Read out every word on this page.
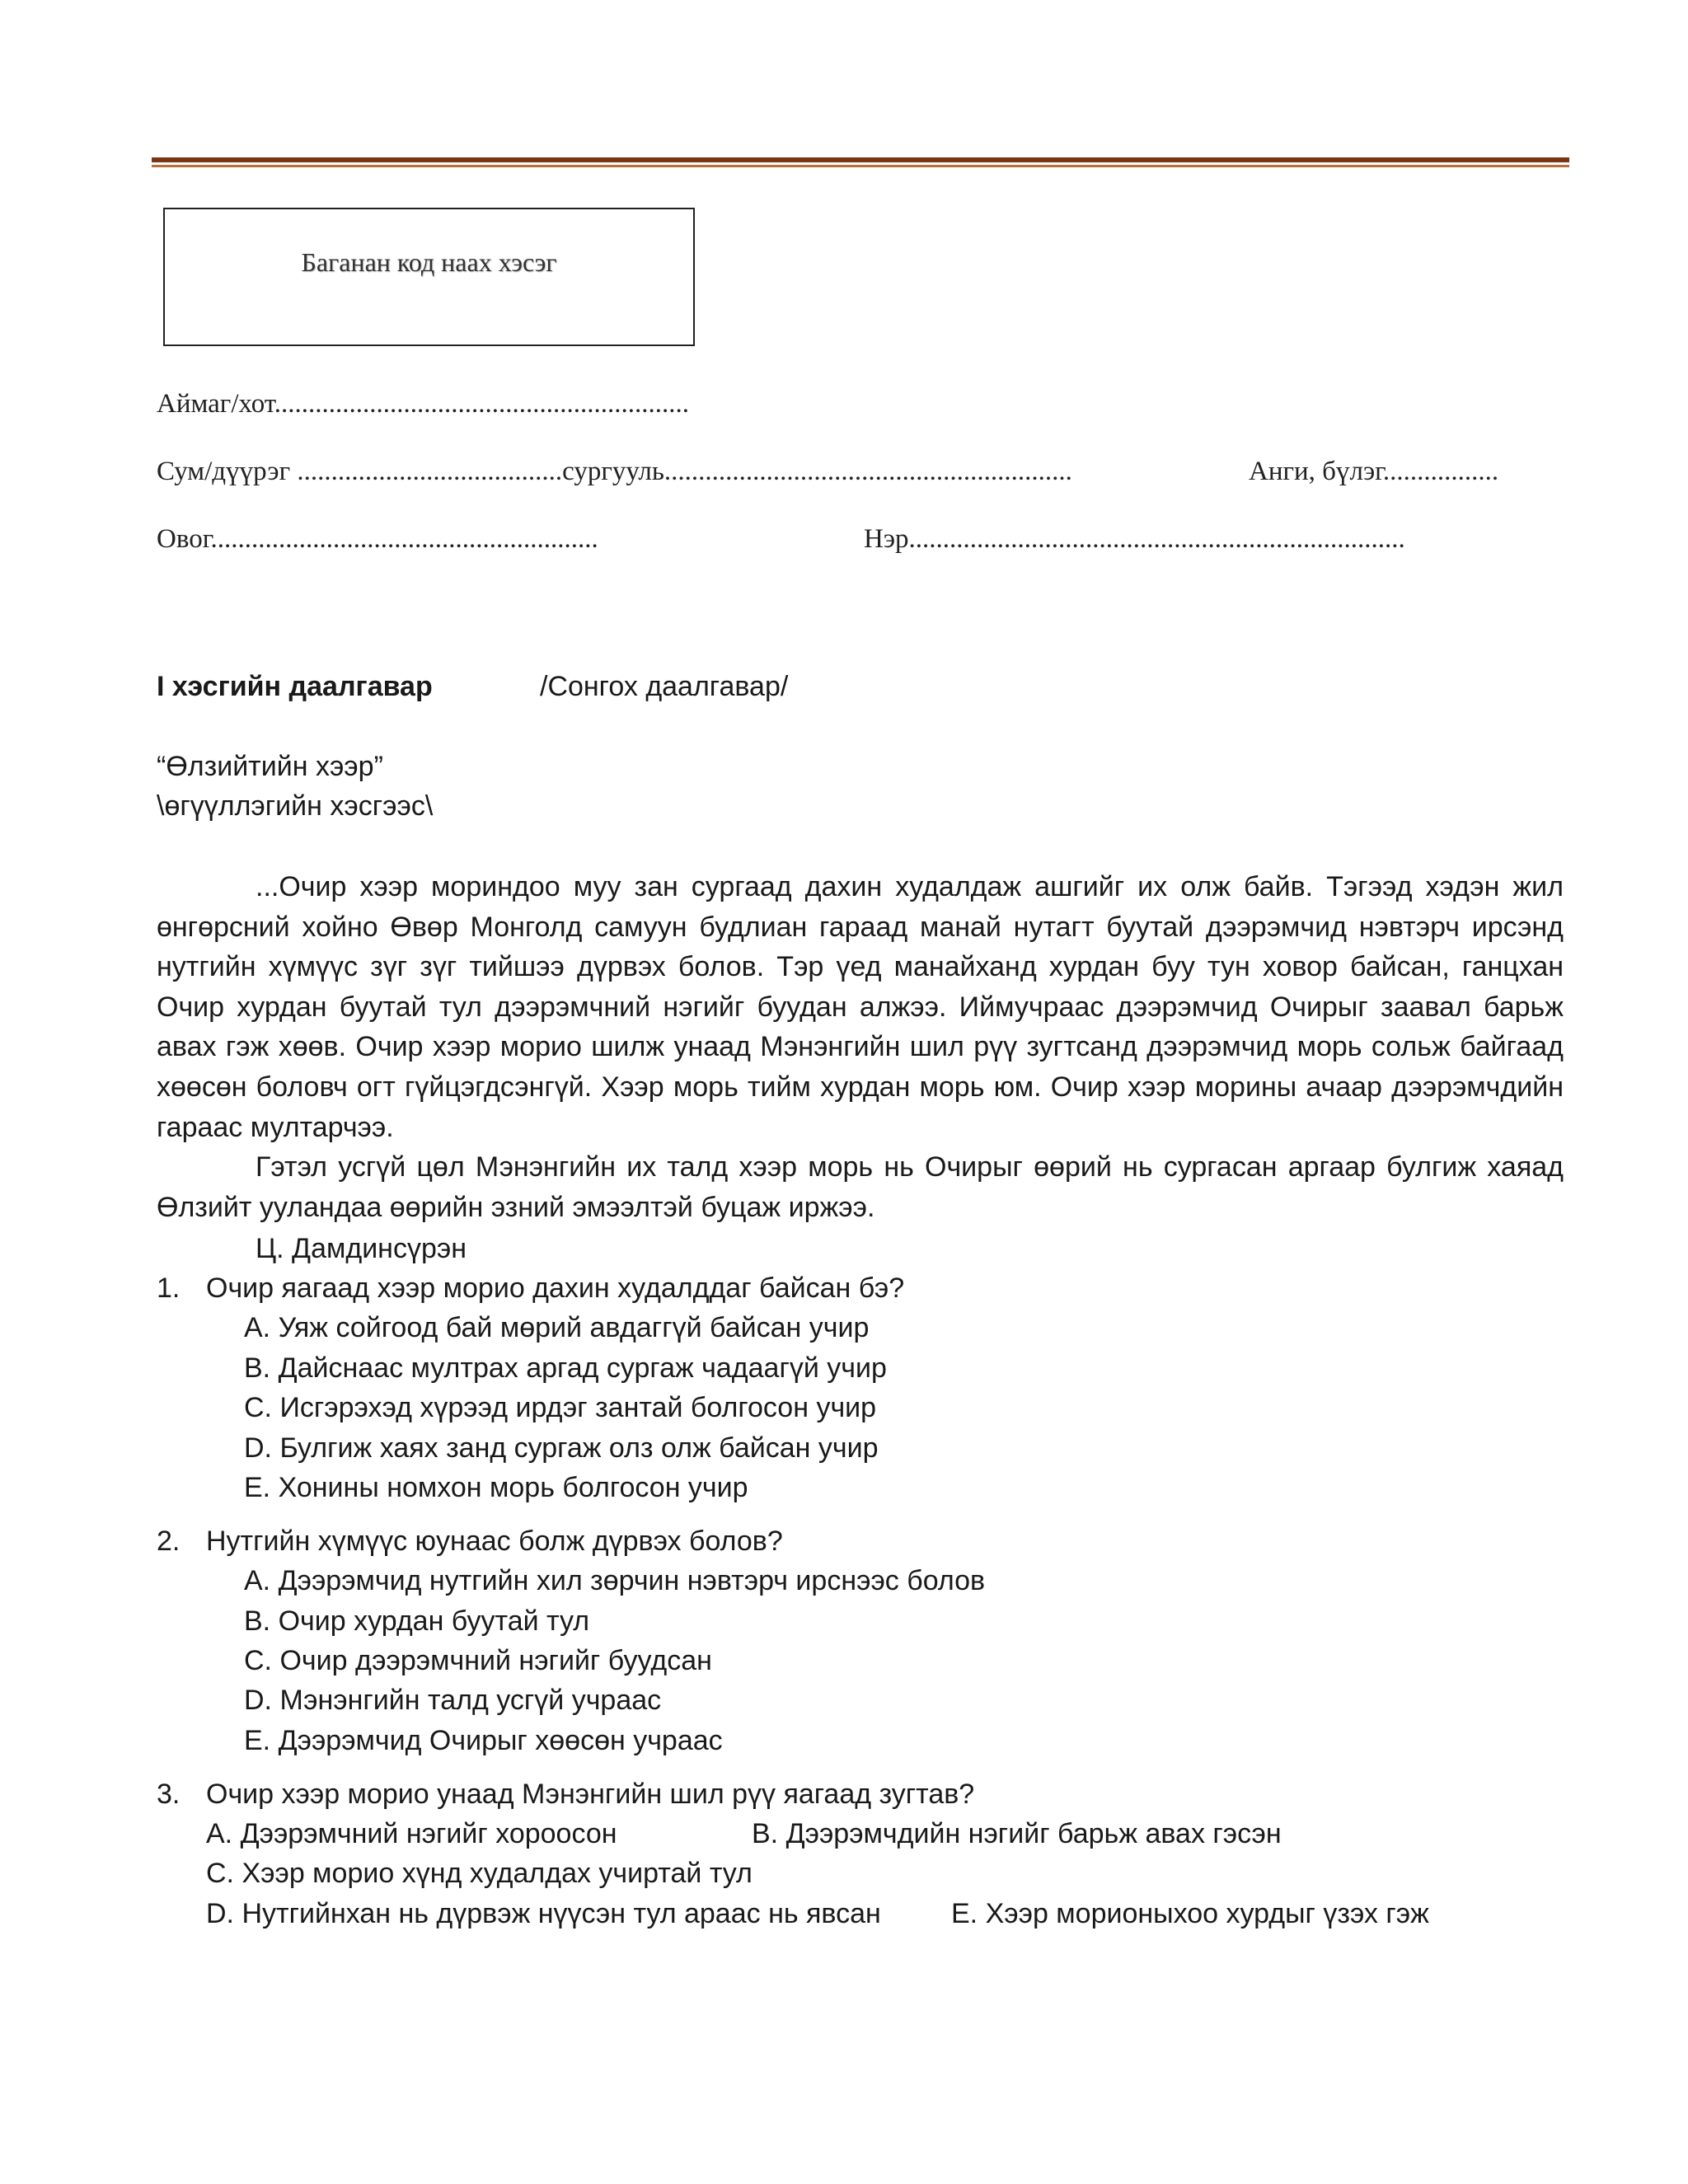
Баганан код наах хэсэг
Аймаг/хот.............................................................
Сум/дүүрэг .......................................сургууль............................................................	Анги, бүлэг.................
Овог.........................................................	Нэр.........................................................................
I хэсгийн даалгавар	/Сонгох даалгавар/
“Өлзийтийн хээр”
\өгүүллэгийн хэсгээс\
...Очир хээр мориндоо муу зан сургаад дахин худалдаж ашгийг их олж байв. Тэгээд хэдэн жил өнгөрсний хойно Өвөр Монголд самуун будлиан гараад манай нутагт буутай дээрэмчид нэвтэрч ирсэнд нутгийн хүмүүс зүг зүг тийшээ дүрвэх болов. Тэр үед манайханд хурдан буу тун ховор байсан, ганцхан Очир хурдан буутай тул дээрэмчний нэгийг буудан алжээ. Иймучраас дээрэмчид Очирыг заавал барьж авах гэж хөөв. Очир хээр морио шилж унаад Мэнэнгийн шил рүү зугтсанд дээрэмчид морь сольж байгаад хөөсөн боловч огт гүйцэгдсэнгүй. Хээр морь тийм хурдан морь юм. Очир хээр морины ачаар дээрэмчдийн гараас мултарчээ.
Гэтэл усгүй цөл Мэнэнгийн их талд хээр морь нь Очирыг өөрий нь сургасан аргаар булгиж хаяад Өлзийт ууландаа өөрийн эзний эмээлтэй буцаж иржээ.
Ц. Дамдинсүрэн
1. Очир яагаад хээр морио дахин худалддаг байсан бэ?
A. Уяж сойгоод бай мөрий авдаггүй байсан учир
B. Дайснаас мултрах аргад сургаж чадаагүй учир
C. Исгэрэхэд хүрээд ирдэг зантай болгосон учир
D. Булгиж хаях занд сургаж олз олж байсан учир
E. Хонины номхон морь болгосон учир
2. Нутгийн хүмүүс юунаас болж дүрвэх болов?
A. Дээрэмчид нутгийн хил зөрчин нэвтэрч ирснээс болов
B. Очир хурдан буутай тул
C. Очир дээрэмчний нэгийг буудсан
D. Мэнэнгийн талд усгүй учраас
E. Дээрэмчид Очирыг хөөсөн учраас
3. Очир хээр морио унаад Мэнэнгийн шил рүү яагаад зугтав?
A. Дээрэмчний нэгийг хороосон	B. Дээрэмчдийн нэгийг барьж авах гэсэн
C. Хээр морио хүнд худалдах учиртай тул
D. Нутгийнхан нь дүрвэж нүүсэн тул араас нь явсан	E. Хээр морионыхоо хурдыг үзэх гэж
